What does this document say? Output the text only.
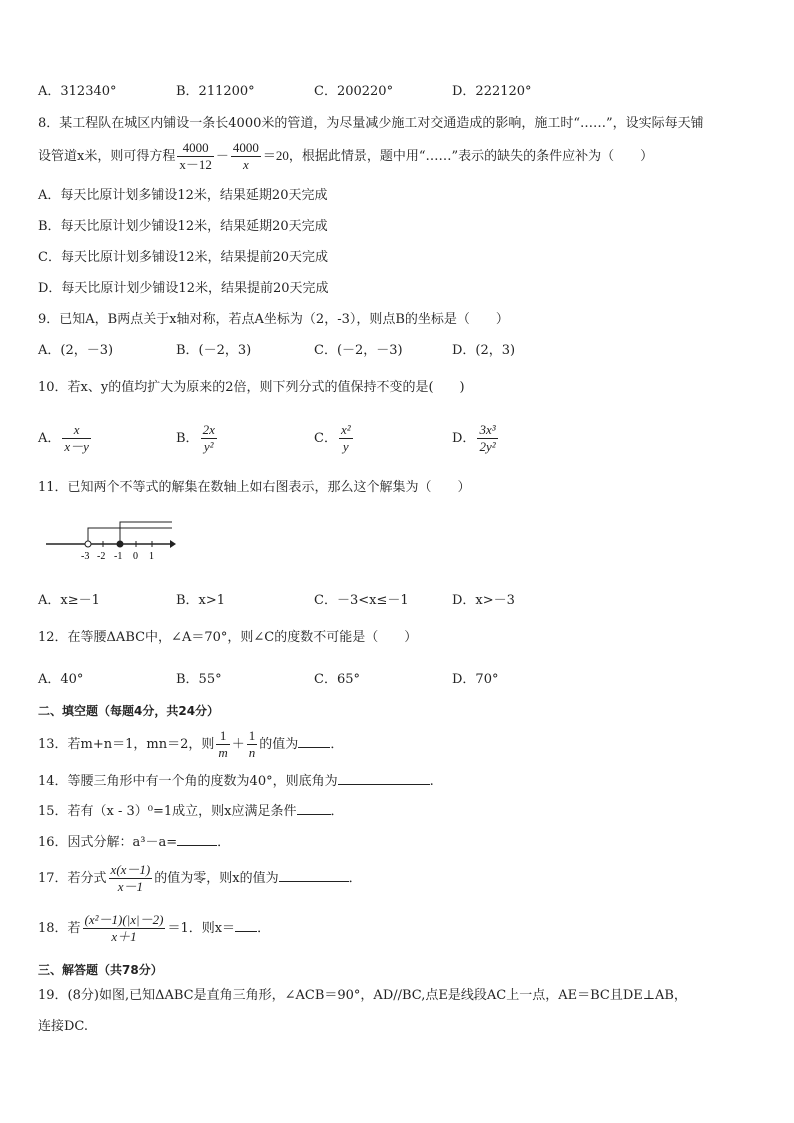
A．312340°	B．211200°	C．200220°	D．222120°
8．某工程队在城区内铺设一条长4000米的管道，为尽量减少施工对交通造成的影响，施工时“……”，设实际每天铺
设管道x米，则可得方程 $\frac{4000}{x-12} - \frac{4000}{x} =20$，根据此情景，题中用“……”表示的缺失的条件应补为（　　）
A．每天比原计划多铺设12米，结果延期20天完成
B．每天比原计划少铺设12米，结果延期20天完成
C．每天比原计划多铺设12米，结果提前20天完成
D．每天比原计划少铺设12米，结果提前20天完成
9．已知A，B两点关于x轴对称，若点A坐标为（2，-3），则点B的坐标是（　　）
A．(2，－3)	B．(－2，3)	C．(－2，－3)	D．(2，3)
10．若x、y的值均扩大为原来的2倍，则下列分式的值保持不变的是(　　)
A． $\frac{x}{x-y}$	B． $\frac{2x}{\text{y²}}$	C． $\frac{\text{x²}}{y}$	D． $\frac{\text{3x³}}{\text{2y²}}$
11．已知两个不等式的解集在数轴上如右图表示，那么这个解集为（　　）
-3 -2 -1 0 1
A．x≥－1	B．x>1	C．－3<x≤－1	D．x>－3
12．在等腰ΔABC中，∠A＝70°，则∠C的度数不可能是（　　）
A．40°	B．55°	C．65°	D．70°
二、填空题（每题4分，共24分）
13．若m+n＝1，mn＝2，则 $\frac{1}{m} + \frac{1}{n}$ 的值为 ．
14．等腰三角形中有一个角的度数为40°，则底角为	.
15．若有（x - 3）⁰=1成立，则x应满足条件	．
16．因式分解：a³－a=	．
17．若分式 $\frac{x(x-1)}{x-1}$ 的值为零，则x的值为	．
18．若 $\frac{\text{(x²－1)(|x|－2)}}{x+1} =1$．则x＝ ．
三、解答题（共78分）
19．(8分)如图,已知ΔABC是直角三角形，∠ACB＝90°，AD//BC,点E是线段AC上一点，AE＝BC且DE⊥AB，
连接DC.
